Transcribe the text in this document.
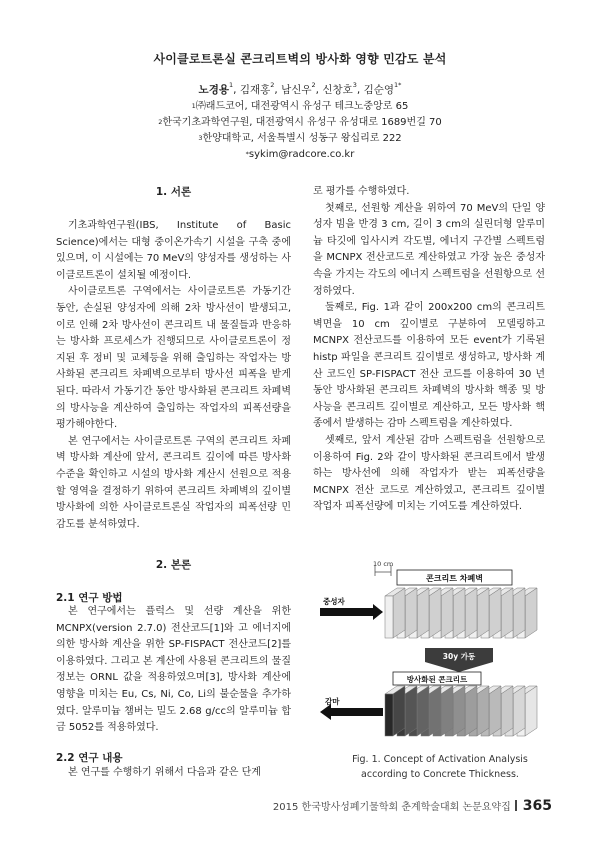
사이클로트론실 콘크리트벽의 방사화 영향 민감도 분석
노경용$^1$, 김재홍$^2$, 남신우$^2$, 신창호$^3$, 김순영$^{1*}$
$^1$㈜래드코어, 대전광역시 유성구 테크노중앙로 65
$^2$한국기초과학연구원, 대전광역시 유성구 유성대로 1689번길 70
$^3$한양대학교, 서울특별시 성동구 왕십리로 222
*sykim@radcore.co.kr
1. 서론

기초과학연구원(IBS, Institute of Basic Science)에서는 대형 중이온가속기 시설을 구축 중에 있으며, 이 시설에는 70 MeV의 양성자를 생성하는 사이클로트론이 설치될 예정이다.

사이클로트론 구역에서는 사이클로트론 가동기간 동안, 손실된 양성자에 의해 2차 방사선이 발생되고, 이로 인해 2차 방사선이 콘크리트 내 물질들과 반응하는 방사화 프로세스가 진행되므로 사이클로트론이 정지된 후 정비 및 교체등을 위해 출입하는 작업자는 방사화된 콘크리트 차폐벽으로부터 방사선 피폭을 받게 된다. 따라서 가동기간 동안 방사화된 콘크리트 차폐벽의 방사능을 계산하여 출입하는 작업자의 피폭선량을 평가해야한다.

본 연구에서는 사이클로트론 구역의 콘크리트 차폐벽 방사화 계산에 앞서, 콘크리트 깊이에 따른 방사화 수준을 확인하고 시설의 방사화 계산시 선원으로 적용할 영역을 결정하기 위하여 콘크리트 차폐벽의 깊이별 방사화에 의한 사이클로트론실 작업자의 피폭선량 민감도를 분석하였다.

2. 본론
2.1 연구 방법

본 연구에서는 플럭스 및 선량 계산을 위한 MCNPX(version 2.7.0) 전산코드[1]와 고 에너지에 의한 방사화 계산을 위한 SP-FISPACT 전산코드[2]를 이용하였다. 그리고 본 계산에 사용된 콘크리트의 물질정보는 ORNL 값을 적용하였으며[3], 방사화 계산에 영향을 미치는 Eu, Cs, Ni, Co, Li의 불순물을 추가하였다. 알루미늄 챔버는 밀도 2.68 g/cc의 알루미늄 합금 5052를 적용하였다.

2.2 연구 내용

본 연구를 수행하기 위해서 다음과 같은 단계

로 평가를 수행하였다.

첫째로, 선원항 계산을 위하여 70 MeV의 단일 양성자 빔을 반경 3 cm, 길이 3 cm의 실린더형 알루미늄 타깃에 입사시켜 각도별, 에너지 구간별 스펙트럼을 MCNPX 전산코드로 계산하였고 가장 높은 중성자속을 가지는 각도의 에너지 스펙트럼을 선원항으로 선정하였다.

둘째로, Fig. 1과 같이 200x200 cm의 콘크리트 벽면을 10 cm 깊이별로 구분하여 모델링하고 MCNPX 전산코드를 이용하여 모든 event가 기록된 histp 파일을 콘크리트 깊이별로 생성하고, 방사화 계산 코드인 SP-FISPACT 전산 코드를 이용하여 30 년 동안 방사화된 콘크리트 차폐벽의 방사화 핵종 및 방사능을 콘크리트 깊이별로 계산하고, 모든 방사화 핵종에서 발생하는 감마 스펙트럼을 계산하였다.

셋째로, 앞서 계산된 감마 스펙트럼을 선원항으로 이용하여 Fig. 2와 같이 방사화된 콘크리트에서 발생하는 방사선에 의해 작업자가 받는 피폭선량을 MCNPX 전산 코드로 계산하였고, 콘크리트 깊이별 작업자 피폭선량에 미치는 기여도를 계산하였다.

10 cm
콘크리트 차폐벽
중성자
30y 가동
방사화된 콘크리트
감마
Fig. 1. Concept of Activation Analysis
according to Concrete Thickness.
2015 한국방사성폐기물학회 춘계학술대회 논문요약집 365
